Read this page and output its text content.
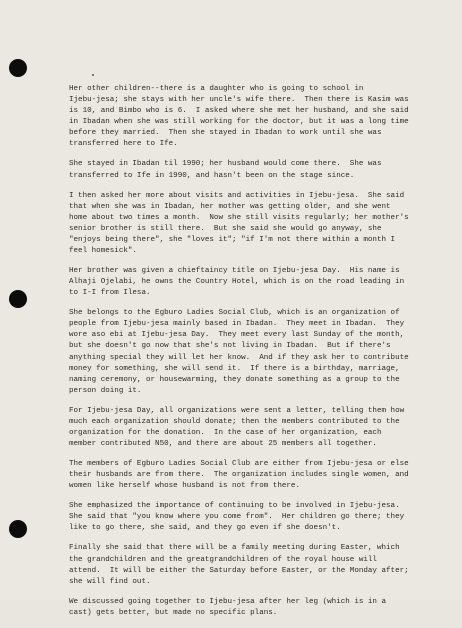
Her other children--there is a daughter who is going to school in
Ijebu-jesa; she stays with her uncle's wife there.  Then there is Kasim was
is 10, and Bimbo who is 6.  I asked where she met her husband, and she said
in Ibadan when she was still working for the doctor, but it was a long time
before they married.  Then she stayed in Ibadan to work until she was
transferred here to Ife.

She stayed in Ibadan til 1990; her husband would come there.  She was
transferred to Ife in 1990, and hasn't been on the stage since.

I then asked her more about visits and activities in Ijebu-jesa.  She said
that when she was in Ibadan, her mother was getting older, and she went
home about two times a month.  Now she still visits regularly; her mother's
senior brother is still there.  But she said she would go anyway, she
"enjoys being there", she "loves it"; "if I'm not there within a month I
feel homesick".

Her brother was given a chieftaincy title on Ijebu-jesa Day.  His name is
Alhaji Ojelabi, he owns the Country Hotel, which is on the road leading in
to I-I from Ilesa.

She belongs to the Egburo Ladies Social Club, which is an organization of
people from Ijebu-jesa mainly based in Ibadan.  They meet in Ibadan.  They
wore aso ebi at Ijebu-jesa Day.  They meet every last Sunday of the month,
but she doesn't go now that she's not living in Ibadan.  But if there's
anything special they will let her know.  And if they ask her to contribute
money for something, she will send it.  If there is a birthday, marriage,
naming ceremony, or housewarming, they donate something as a group to the
person doing it.

For Ijebu-jesa Day, all organizations were sent a letter, telling them how
much each organization should donate; then the members contributed to the
organization for the donation.  In the case of her organization, each
member contributed N50, and there are about 25 members all together.

The members of Egburo Ladies Social Club are either from Ijebu-jesa or else
their husbands are from there.  The organization includes single women, and
women like herself whose husband is not from there.

She emphasized the importance of continuing to be involved in Ijebu-jesa.
She said that "you know where you come from".  Her children go there; they
like to go there, she said, and they go even if she doesn't.

Finally she said that there will be a family meeting during Easter, which
the grandchildren and the greatgrandchildren of the royal house will
attend.  It will be either the Saturday before Easter, or the Monday after;
she will find out.

We discussed going together to Ijebu-jesa after her leg (which is in a
cast) gets better, but made no specific plans.
